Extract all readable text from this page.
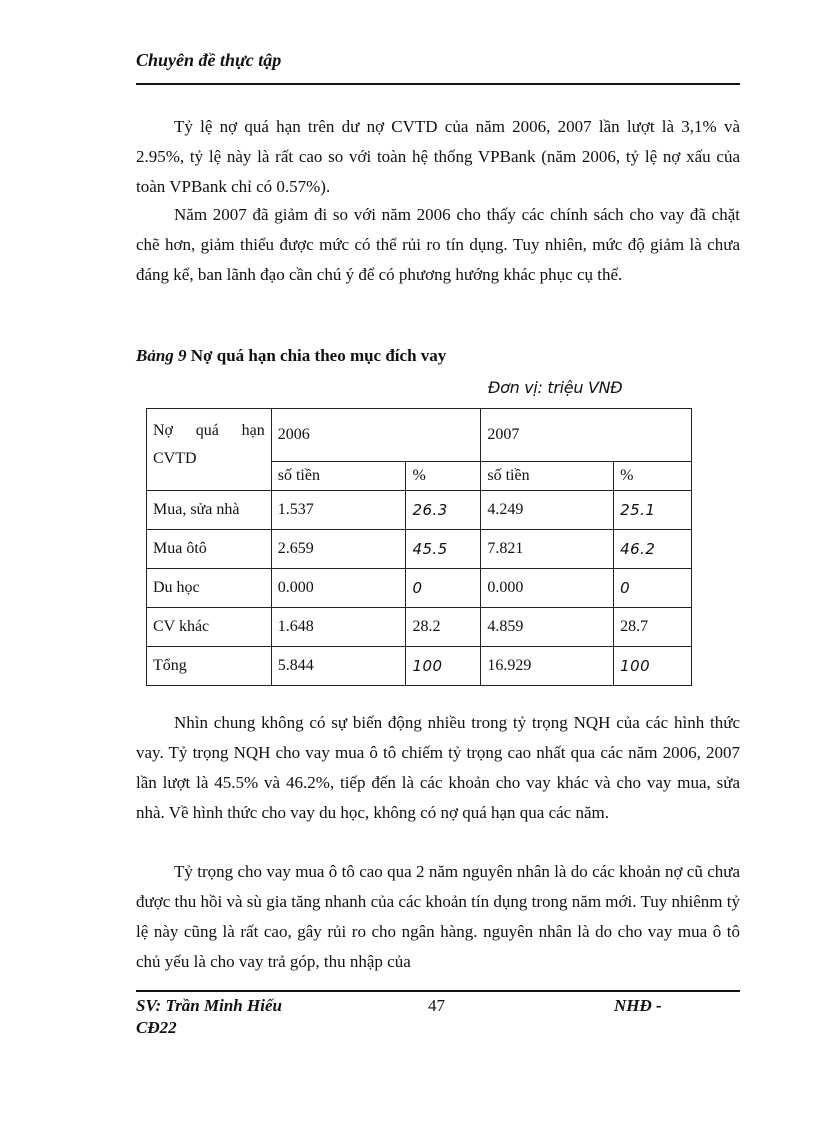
Chuyên đề thực tập

Tỷ lệ nợ quá hạn trên dư nợ CVTD của năm 2006, 2007 lần lượt là 3,1% và 2.95%, tỷ lệ này là rất cao so với toàn hệ thống VPBank (năm 2006, tỷ lệ nợ xấu của toàn VPBank chỉ có 0.57%).

Năm 2007 đã giảm đi so với năm 2006 cho thấy các chính sách cho vay đã chặt chẽ hơn, giảm thiểu được mức có thể rủi ro tín dụng. Tuy nhiên, mức độ giảm là chưa đáng kể, ban lãnh đạo cần chú ý để có phương hướng khác phục cụ thể.

Bảng 9 Nợ quá hạn chia theo mục đích vay
Đơn vị: triệu VNĐ
Nợ quá hạn CVTD	2006		2007	
	số tiền	%	số tiền	%
Mua, sửa nhà	1.537	26.3	4.249	25.1
Mua ôtô	2.659	45.5	7.821	46.2
Du học	0.000	0	0.000	0
CV khác	1.648	28.2	4.859	28.7
Tổng	5.844	100	16.929	100

Nhìn chung không có sự biến động nhiều trong tỷ trọng NQH của các hình thức vay. Tỷ trọng NQH cho vay mua ô tô chiếm tỷ trọng cao nhất qua các năm 2006, 2007 lần lượt là 45.5% và 46.2%, tiếp đến là các khoản cho vay khác và cho vay mua, sửa nhà. Về hình thức cho vay du học, không có nợ quá hạn qua các năm.

Tỷ trọng cho vay mua ô tô cao qua 2 năm nguyên nhân là do các khoản nợ cũ chưa được thu hồi và sù gia tăng nhanh của các khoản tín dụng trong năm mới. Tuy nhiênm tỷ lệ này cũng là rất cao, gây rủi ro cho ngân hàng. nguyên nhân là do cho vay mua ô tô chủ yếu là cho vay trả góp, thu nhập của

SV: Trần Minh Hiếu
CĐ22
47	NHĐ -
